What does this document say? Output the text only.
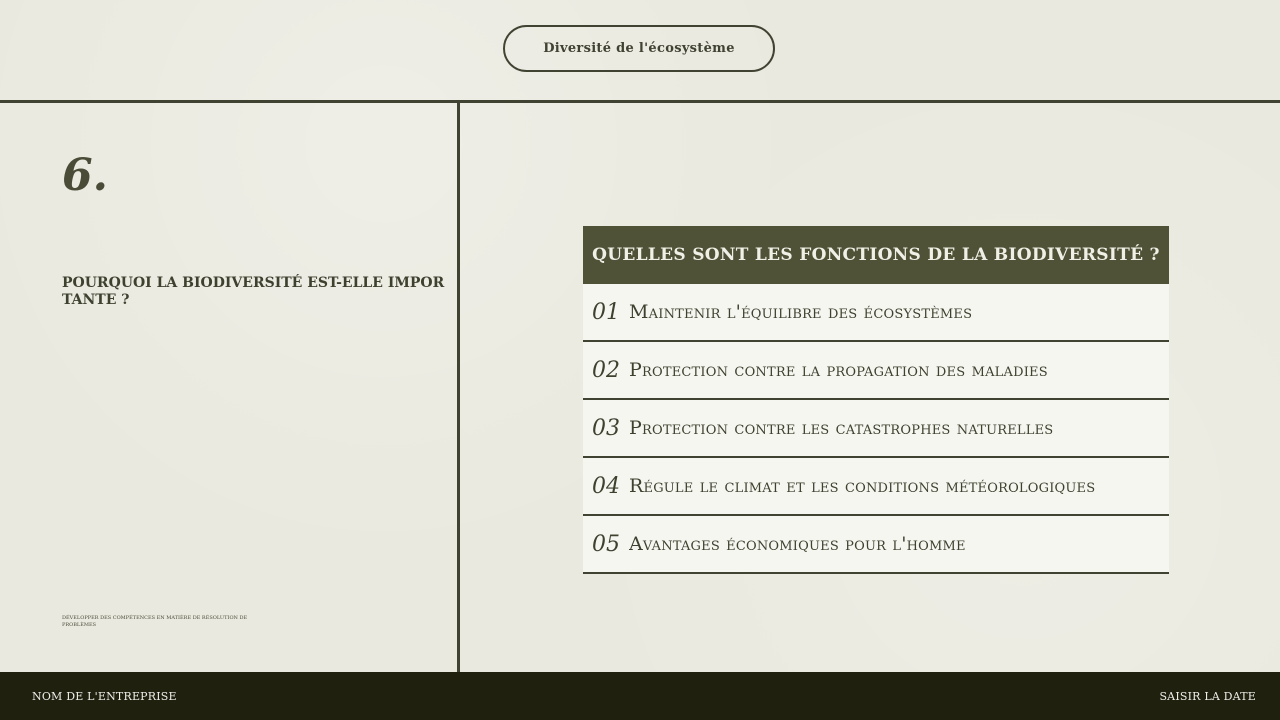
Diversité de l'écosystème
6.
POURQUOI LA BIODIVERSITÉ EST-ELLE IMPORTANTE ?
DÉVELOPPER DES COMPÉTENCES EN MATIÈRE DE RÉSOLUTION DE PROBLÈMES
QUELLES SONT LES FONCTIONS DE LA BIODIVERSITÉ ?
01 Maintenir l'équilibre des écosystèmes
02 Protection contre la propagation des maladies
03 Protection contre les catastrophes naturelles
04 Régule le climat et les conditions météorologiques
05 Avantages économiques pour l'homme
NOM DE L'ENTREPRISE	SAISIR LA DATE
